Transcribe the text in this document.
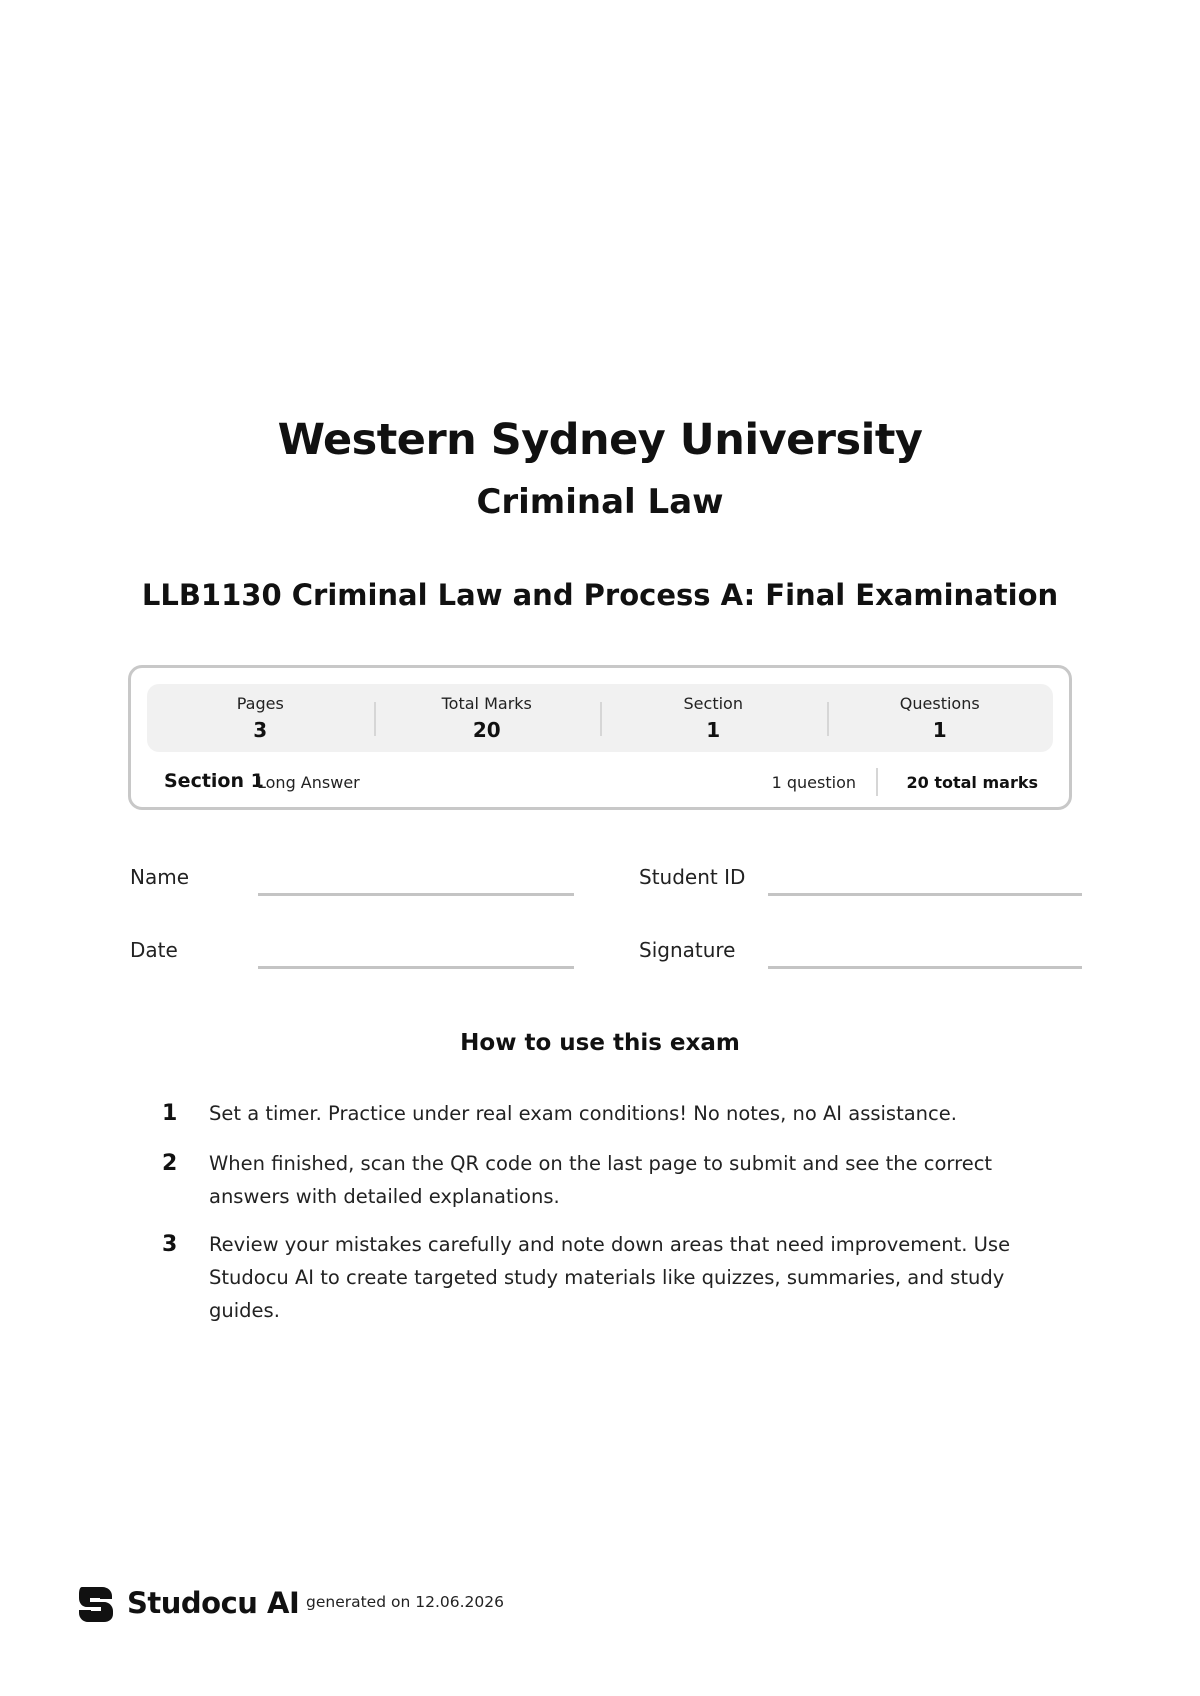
Western Sydney University
Criminal Law
LLB1130 Criminal Law and Process A: Final Examination
Pages
3
Total Marks
20
Section
1
Questions
1
Section 1
Long Answer	1 question	20 total marks
Name	Student ID
Date	Signature
How to use this exam
1 Set a timer. Practice under real exam conditions! No notes, no AI assistance.
2 When finished, scan the QR code on the last page to submit and see the correct answers with detailed explanations.
3 Review your mistakes carefully and note down areas that need improvement. Use Studocu AI to create targeted study materials like quizzes, summaries, and study guides.
Studocu AI generated on 12.06.2026
